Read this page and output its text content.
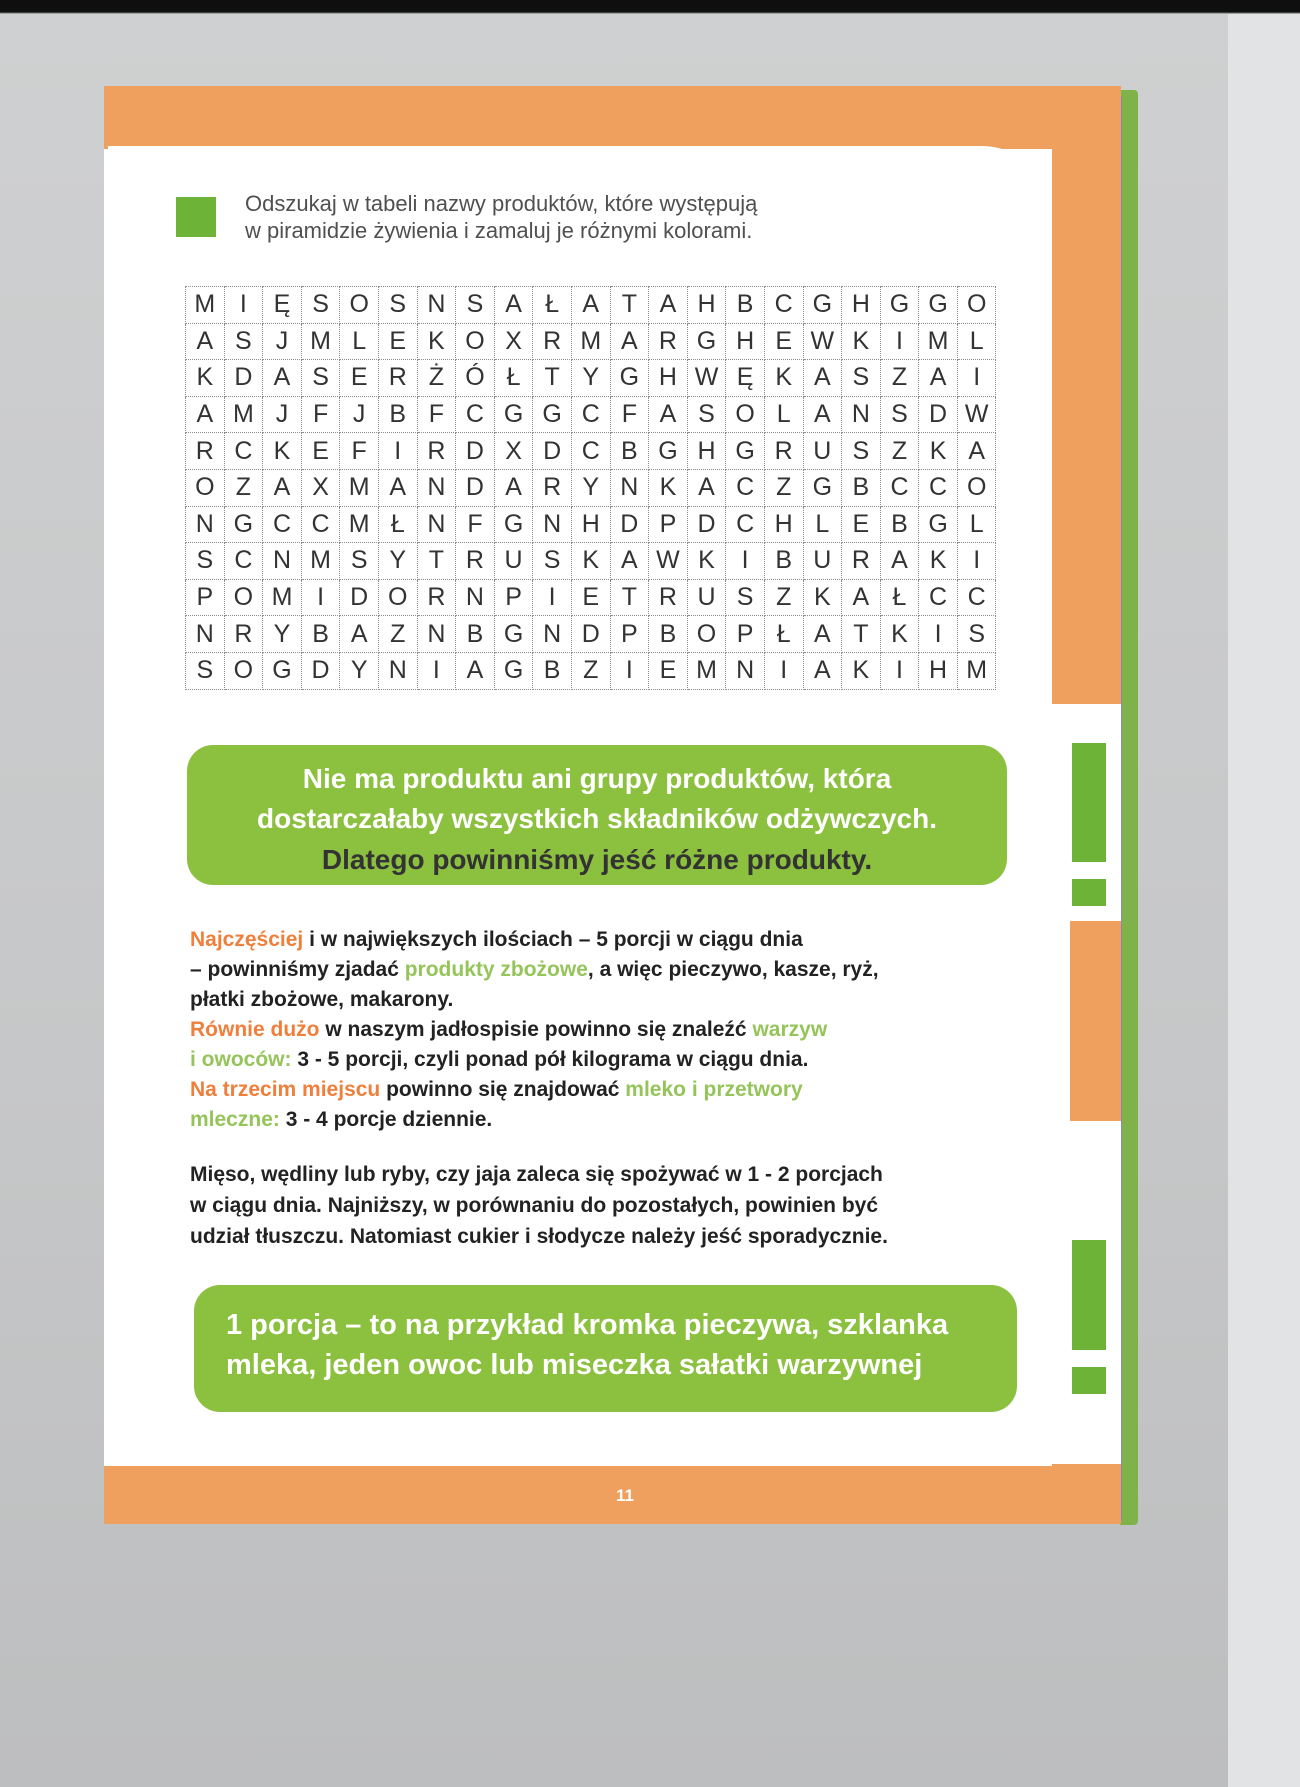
Odszukaj w tabeli nazwy produktów, które występują
w piramidzie żywienia i zamaluj je różnymi kolorami.

M	I	Ę	S	O	S	N	S	A	Ł	A	T	A	H	B	C	G	H	G	G	O
A	S	J	M	L	E	K	O	X	R	M	A	R	G	H	E	W	K	I	M	L
K	D	A	S	E	R	Ż	Ó	Ł	T	Y	G	H	W	Ę	K	A	S	Z	A	I
A	M	J	F	J	B	F	C	G	G	C	F	A	S	O	L	A	N	S	D	W
R	C	K	E	F	I	R	D	X	D	C	B	G	H	G	R	U	S	Z	K	A
O	Z	A	X	M	A	N	D	A	R	Y	N	K	A	C	Z	G	B	C	C	O
N	G	C	C	M	Ł	N	F	G	N	H	D	P	D	C	H	L	E	B	G	L
S	C	N	M	S	Y	T	R	U	S	K	A	W	K	I	B	U	R	A	K	I
P	O	M	I	D	O	R	N	P	I	E	T	R	U	S	Z	K	A	Ł	C	C
N	R	Y	B	A	Z	N	B	G	N	D	P	B	O	P	Ł	A	T	K	I	S
S	O	G	D	Y	N	I	A	G	B	Z	I	E	M	N	I	A	K	I	H	M
Nie ma produktu ani grupy produktów, która
dostarczałaby wszystkich składników odżywczych.
Dlatego powinniśmy jeść różne produkty.

Najczęściej i w największych ilościach – 5 porcji w ciągu dnia
– powinniśmy zjadać produkty zbożowe, a więc pieczywo, kasze, ryż,
płatki zbożowe, makarony.
Równie dużo w naszym jadłospisie powinno się znaleźć warzyw
i owoców: 3 - 5 porcji, czyli ponad pół kilograma w ciągu dnia.
Na trzecim miejscu powinno się znajdować mleko i przetwory
mleczne: 3 - 4 porcje dziennie.

Mięso, wędliny lub ryby, czy jaja zaleca się spożywać w 1 - 2 porcjach
w ciągu dnia. Najniższy, w porównaniu do pozostałych, powinien być
udział tłuszczu. Natomiast cukier i słodycze należy jeść sporadycznie.

1 porcja – to na przykład kromka pieczywa, szklanka mleka, jeden owoc lub miseczka sałatki warzywnej
11
